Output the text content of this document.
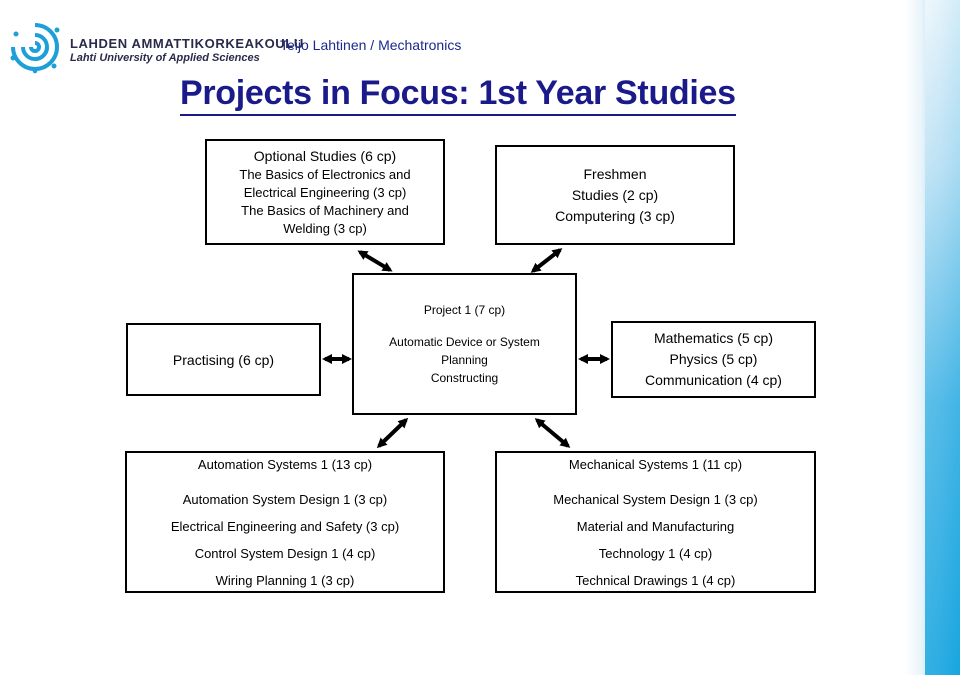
LAHDEN AMMATTIKORKEAKOULU
Lahti University of Applied Sciences
Teijo Lahtinen / Mechatronics
Projects in Focus: 1st Year Studies
Optional Studies (6 cp)
The Basics of Electronics and
Electrical Engineering (3 cp)
The Basics of Machinery and
Welding (3 cp)
Freshmen
Studies (2 cp)
Computering (3 cp)
Practising (6 cp)
Project 1 (7 cp)
Automatic Device or System
Planning
Constructing
Mathematics (5 cp)
Physics (5 cp)
Communication (4 cp)
Automation Systems 1 (13 cp)
Automation System Design 1 (3 cp)
Electrical Engineering and Safety (3 cp)
Control System Design 1 (4 cp)
Wiring Planning 1 (3 cp)
Mechanical Systems 1 (11 cp)
Mechanical System Design 1 (3 cp)
Material and Manufacturing
Technology 1 (4 cp)
Technical Drawings 1 (4 cp)
